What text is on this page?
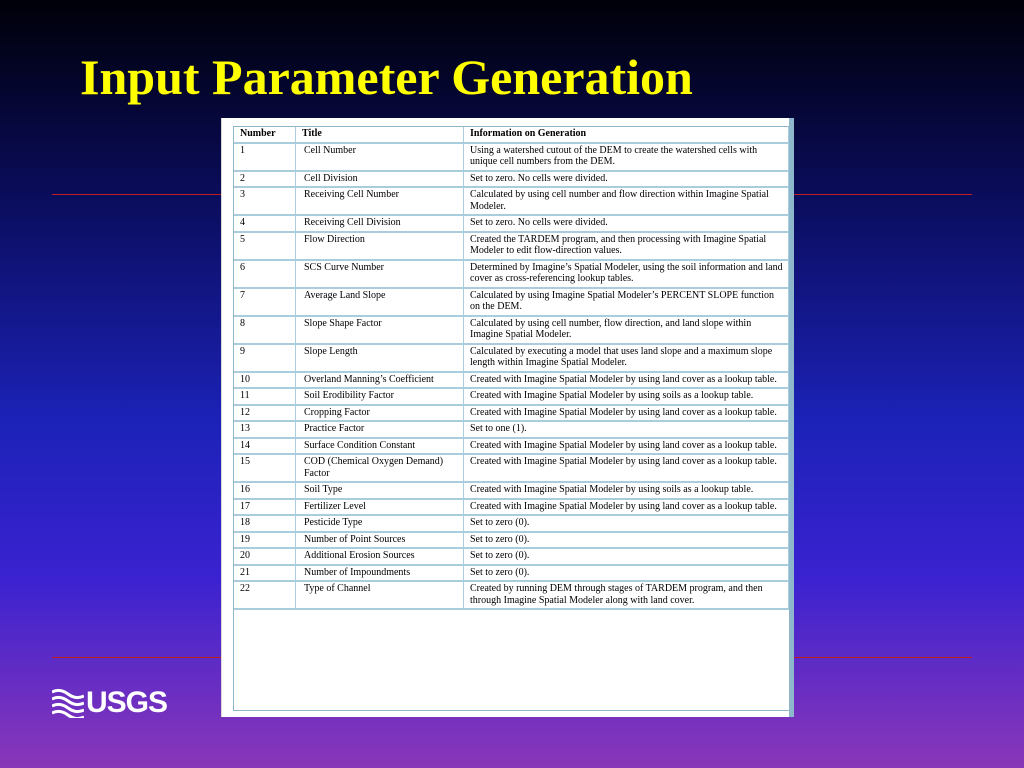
Input Parameter Generation
Number	Title	Information on Generation
1	Cell Number	Using a watershed cutout of the DEM to create the watershed cells with unique cell numbers from the DEM.
2	Cell Division	Set to zero. No cells were divided.
3	Receiving Cell Number	Calculated by using cell number and flow direction within Imagine Spatial Modeler.
4	Receiving Cell Division	Set to zero. No cells were divided.
5	Flow Direction	Created the TARDEM program, and then processing with Imagine Spatial Modeler to edit flow-direction values.
6	SCS Curve Number	Determined by Imagine’s Spatial Modeler, using the soil information and land cover as cross-referencing lookup tables.
7	Average Land Slope	Calculated by using Imagine Spatial Modeler’s PERCENT SLOPE function on the DEM.
8	Slope Shape Factor	Calculated by using cell number, flow direction, and land slope within Imagine Spatial Modeler.
9	Slope Length	Calculated by executing a model that uses land slope and a maximum slope length within Imagine Spatial Modeler.
10	Overland Manning’s Coefficient	Created with Imagine Spatial Modeler by using land cover as a lookup table.
11	Soil Erodibility Factor	Created with Imagine Spatial Modeler by using soils as a lookup table.
12	Cropping Factor	Created with Imagine Spatial Modeler by using land cover as a lookup table.
13	Practice Factor	Set to one (1).
14	Surface Condition Constant	Created with Imagine Spatial Modeler by using land cover as a lookup table.
15	COD (Chemical Oxygen Demand) Factor	Created with Imagine Spatial Modeler by using land cover as a lookup table.
16	Soil Type	Created with Imagine Spatial Modeler by using soils as a lookup table.
17	Fertilizer Level	Created with Imagine Spatial Modeler by using land cover as a lookup table.
18	Pesticide Type	Set to zero (0).
19	Number of Point Sources	Set to zero (0).
20	Additional Erosion Sources	Set to zero (0).
21	Number of Impoundments	Set to zero (0).
22	Type of Channel	Created by running DEM through stages of TARDEM program, and then through Imagine Spatial Modeler along with land cover.
USGS
